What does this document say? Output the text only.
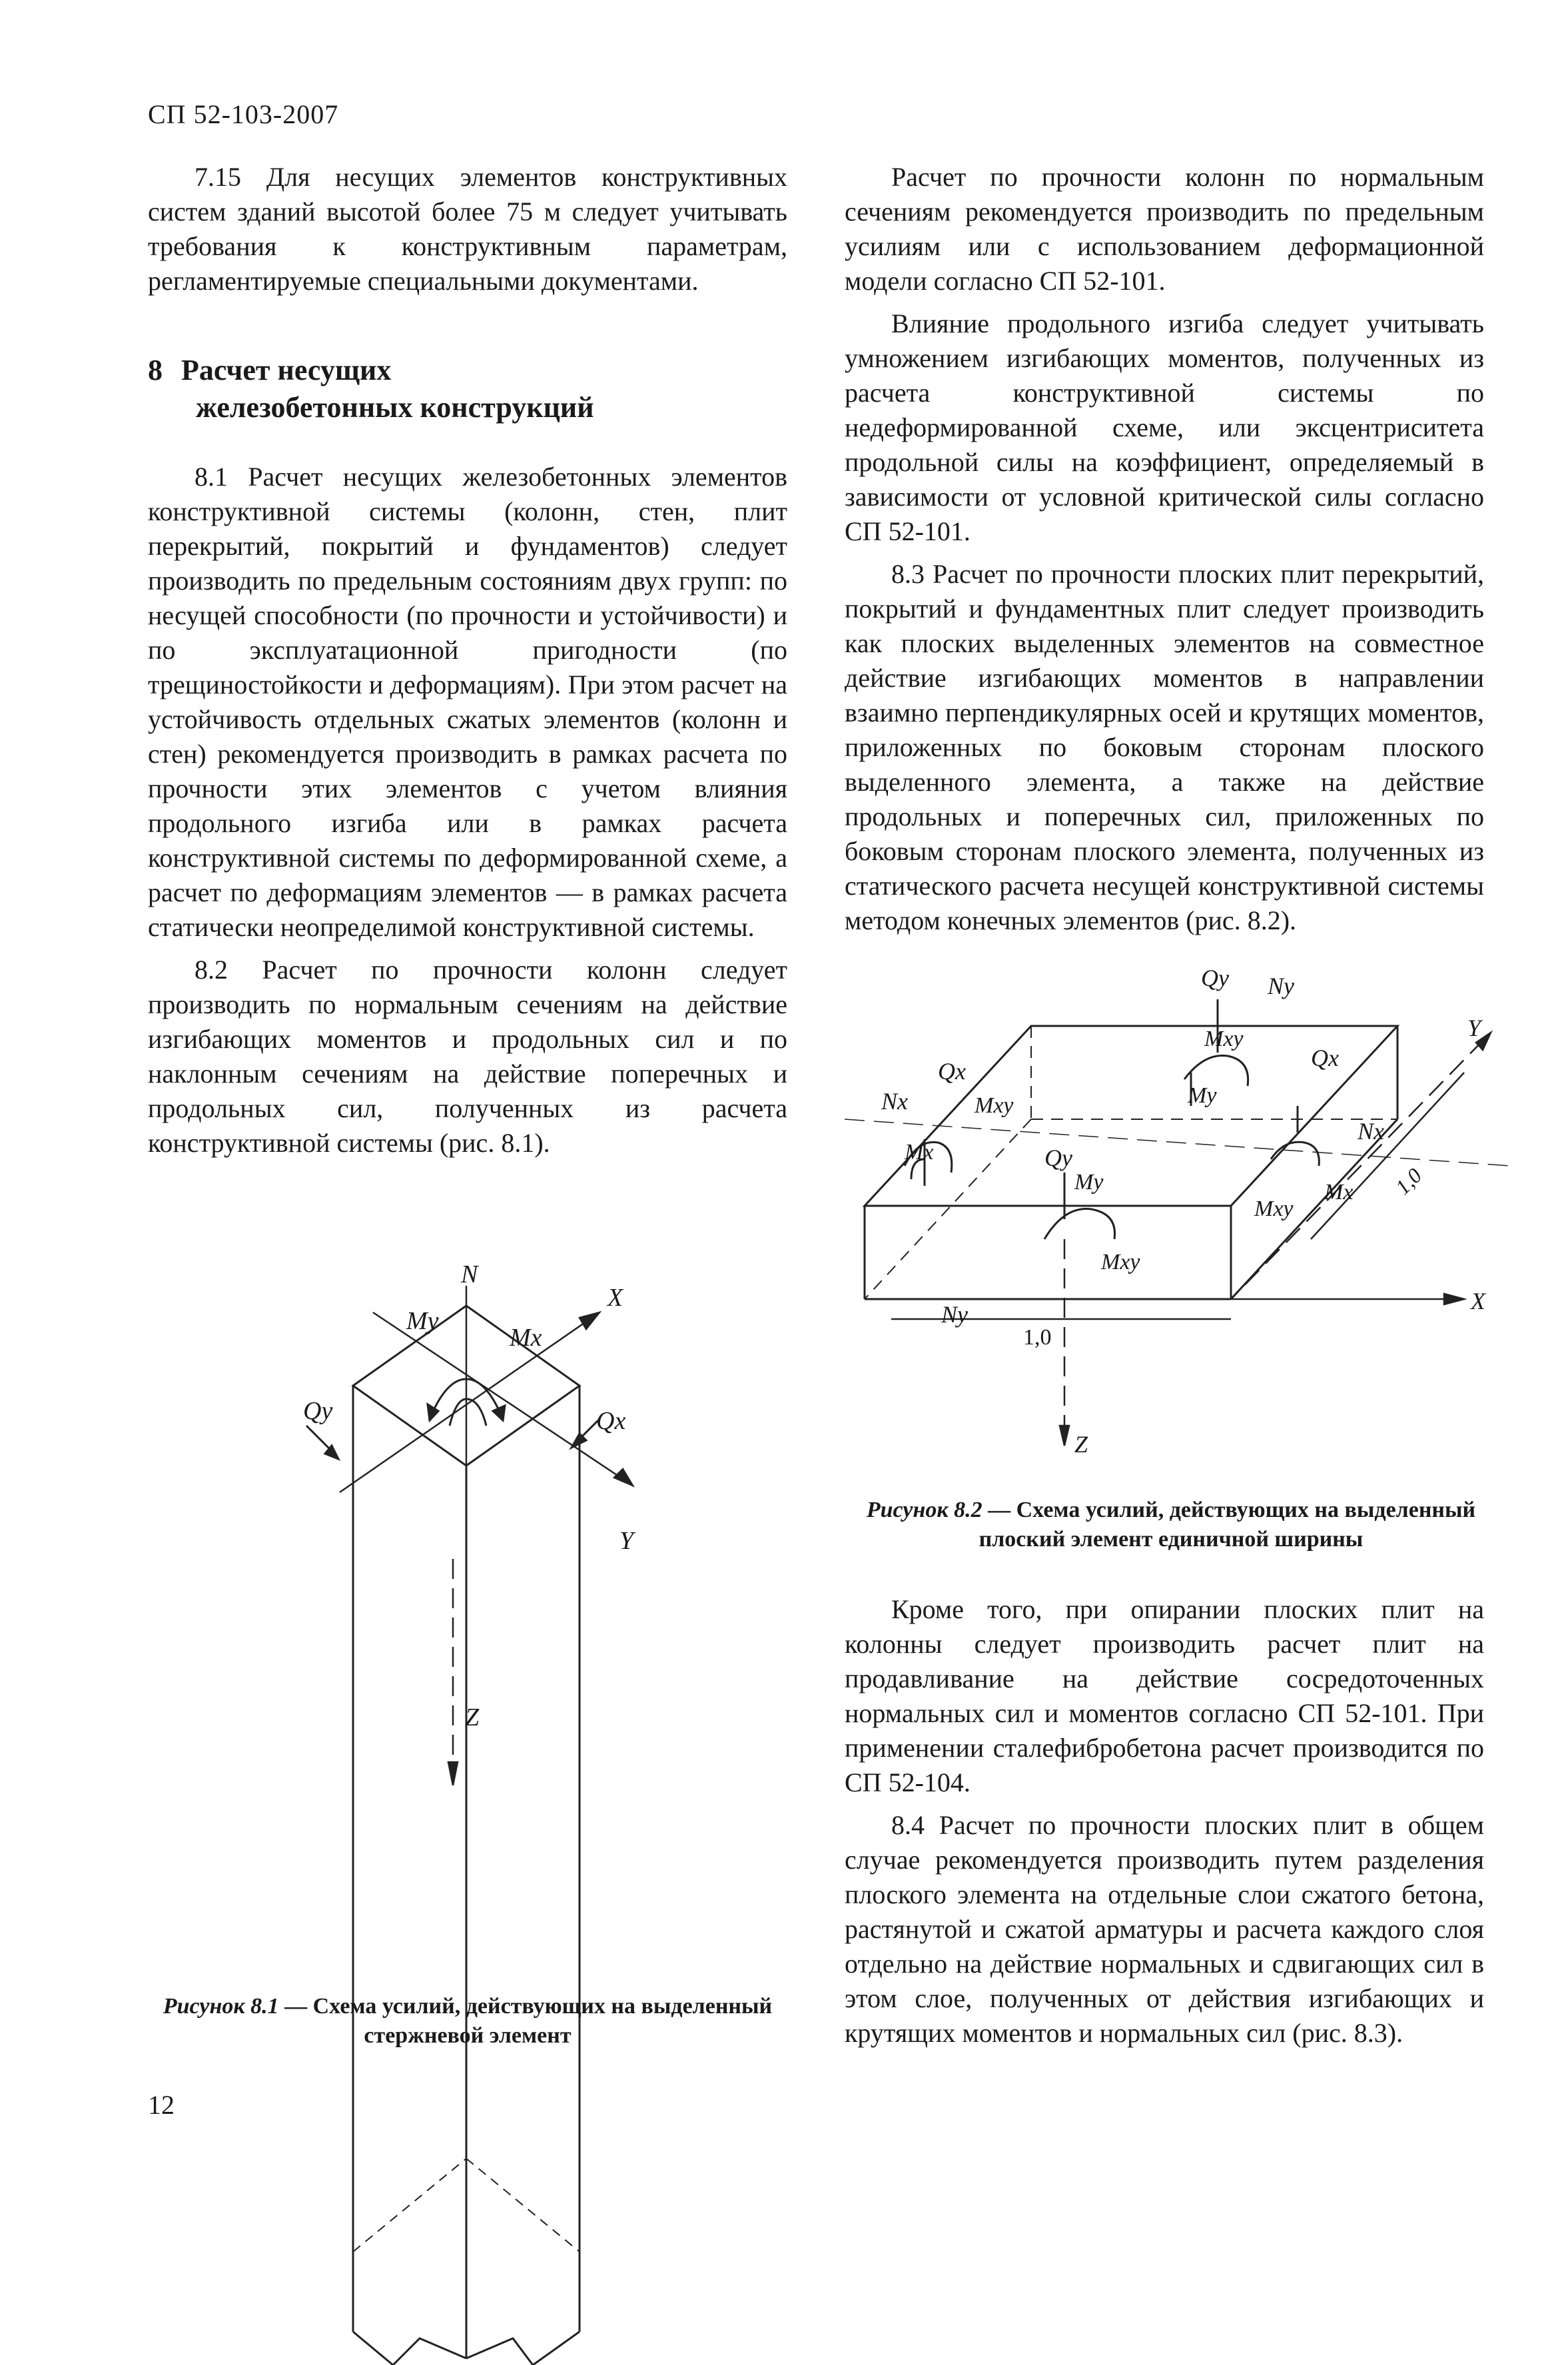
СП 52-103-2007

7.15 Для несущих элементов конструктивных систем зданий высотой более 75 м следует учитывать требования к конструктивным параметрам, регламентируемые специальными документами.

8 Расчет несущих
железобетонных конструкций

8.1 Расчет несущих железобетонных элементов конструктивной системы (колонн, стен, плит перекрытий, покрытий и фундаментов) следует производить по предельным состояниям двух групп: по несущей способности (по прочности и устойчивости) и по эксплуатационной пригодности (по трещиностойкости и деформациям). При этом расчет на устойчивость отдельных сжатых элементов (колонн и стен) рекомендуется производить в рамках расчета по прочности этих элементов с учетом влияния продольного изгиба или в рамках расчета конструктивной системы по деформированной схеме, а расчет по деформациям элементов — в рамках расчета статически неопределимой конструктивной системы.

8.2 Расчет по прочности колонн следует производить по нормальным сечениям на действие изгибающих моментов и продольных сил и по наклонным сечениям на действие поперечных и продольных сил, полученных из расчета конструктивной системы (рис. 8.1).

N
X
Y
Z
My
Mx
Qy	Qx
Рисунок 8.1 — Схема усилий, действующих на выделенный стержневой элемент

Расчет по прочности колонн по нормальным сечениям рекомендуется производить по предельным усилиям или с использованием деформационной модели согласно СП 52-101.

Влияние продольного изгиба следует учитывать умножением изгибающих моментов, полученных из расчета конструктивной системы по недеформированной схеме, или эксцентриситета продольной силы на коэффициент, определяемый в зависимости от условной критической силы согласно СП 52-101.

8.3 Расчет по прочности плоских плит перекрытий, покрытий и фундаментных плит следует производить как плоских выделенных элементов на совместное действие изгибающих моментов в направлении взаимно перпендикулярных осей и крутящих моментов, приложенных по боковым сторонам плоского выделенного элемента, а также на действие продольных и поперечных сил, приложенных по боковым сторонам плоского элемента, полученных из статического расчета несущей конструктивной системы методом конечных элементов (рис. 8.2).

Qy Ny
Y
Mxy
Qx
Qx
Nx	Mxy	My
Nx
Mx	Qy
My	Mx
Mxy
1,0
Mxy
X
Ny
1,0
Z
Рисунок 8.2 — Схема усилий, действующих на выделенный плоский элемент единичной ширины

Кроме того, при опирании плоских плит на колонны следует производить расчет плит на продавливание на действие сосредоточенных нормальных сил и моментов согласно СП 52-101. При применении сталефибробетона расчет производится по СП 52-104.

8.4 Расчет по прочности плоских плит в общем случае рекомендуется производить путем разделения плоского элемента на отдельные слои сжатого бетона, растянутой и сжатой арматуры и расчета каждого слоя отдельно на действие нормальных и сдвигающих сил в этом слое, полученных от действия изгибающих и крутящих моментов и нормальных сил (рис. 8.3).

12
